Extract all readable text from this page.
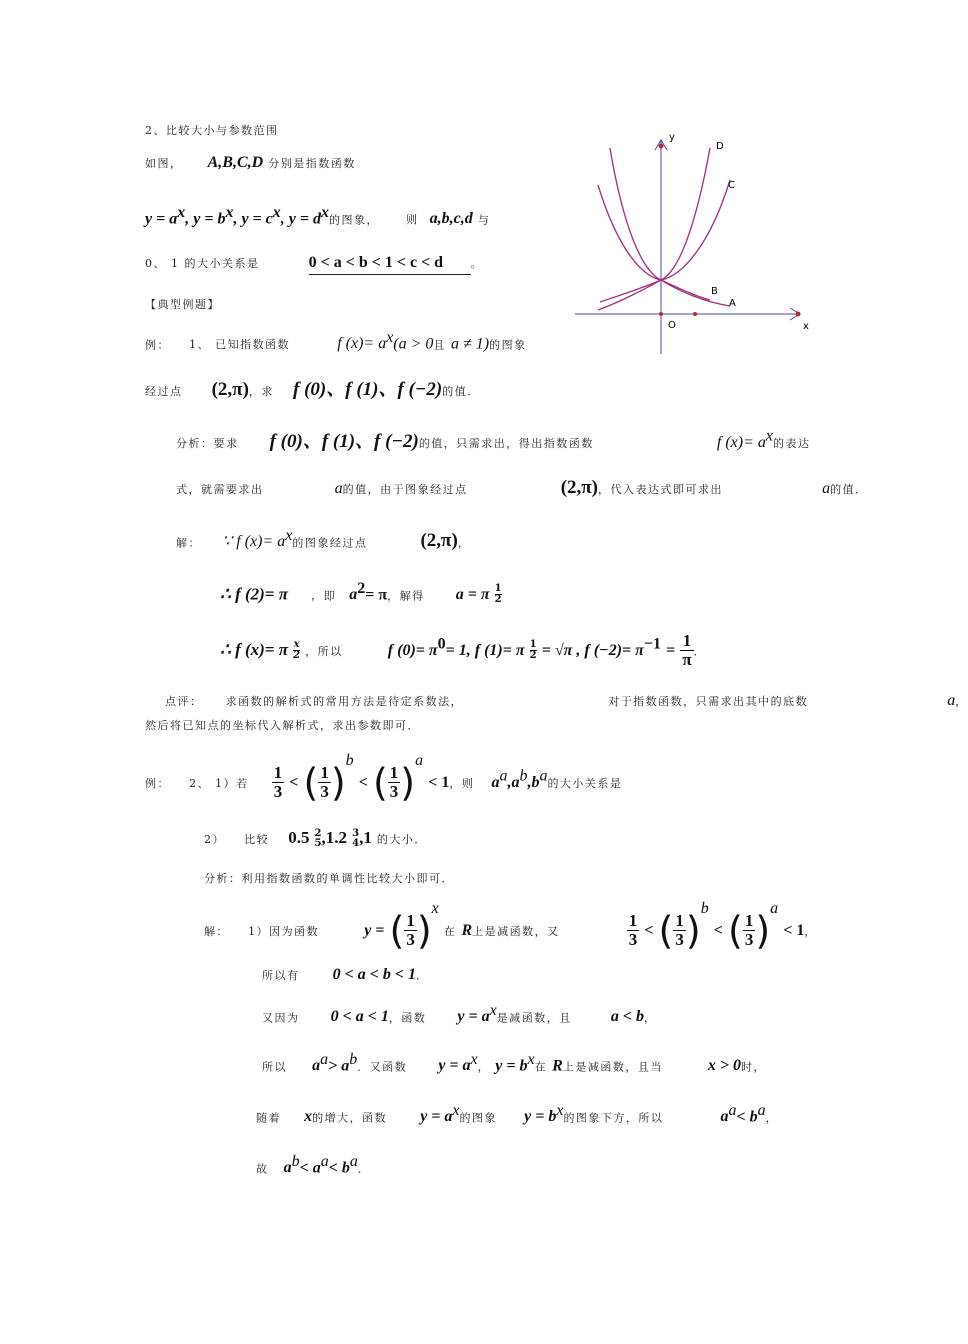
y
x
O
D
C
B
A
2、比较大小与参数范围
如图， A,B,C,D 分别是指数函数
$y = a^x$, $y = b^x$, $y = c^x$, $y = d^x$的图象， 则 a,b,c,d 与
0、 1 的大小关系是	0 < a < b < 1 < c < d	。
【典型例题】
例： 1、 已知指数函数	f $(x)= a^x(a > 0$且 a ≠ 1)的图象
经过点 (2,π)，求 f (0)、f (1)、f (−2)的值．
分析：要求 f (0)、f (1)、f (−2)的值，只需求出，得出指数函数	f $(x)= a^x$的表达
式，就需要求出	a的值，由于图象经过点	(2,π)，代入表达式即可求出	a的值．
解： ∵ f $(x)= a^x$的图象经过点	(2,π)，
∴ f (2)= π ，即 $a^2= \pi$，解得 a = π $\frac{1}{2}$
∴ f (x)= π $\frac{x}{2}$ ，所以	f $(0)= \pi^0= 1$, f (1)= π $\frac{1}{2} = √\pi$ , f $(-2)= \pi^{-1} = \frac{1}{\pi}$ ．
点评： 求函数的解析式的常用方法是待定系数法，	对于指数函数，只需求出其中的底数	a，
然后将已知点的坐标代入解析式，求出参数即可．
例： 2、 1）若 $\frac{1}{3}$ < ( $\frac{1}{3} )^b$ < ( $\frac{1}{3} )^a < 1$，则 $a^a,a^b,b^a$的大小关系是
2） 比较 0.5 2
5 ,1.2 3
4 ,1 的大小．
分析：利用指数函数的单调性比较大小即可．
解： 1）因为函数	y = ( $\frac{1}{3} )^x$ 在 R上是减函数，又	$\frac{1}{3}$ < ( $\frac{1}{3} )^b$ < ( $\frac{1}{3} )^a < 1$，
所以有 0 < a < b < 1．
又因为 0 < a < 1，函数 $y = a^x$是减函数，且 a < b，
所以 $a^a> a^b$．又函数 $y = a^x$， $y = b^x$在 R上是减函数，且当	x > 0时，
随着 x的增大，函数 $y = a^x$的图象 $y = b^x$的图象下方，所以	$a^a< b^a$，
故 $a^b< a^a< b^a$．
